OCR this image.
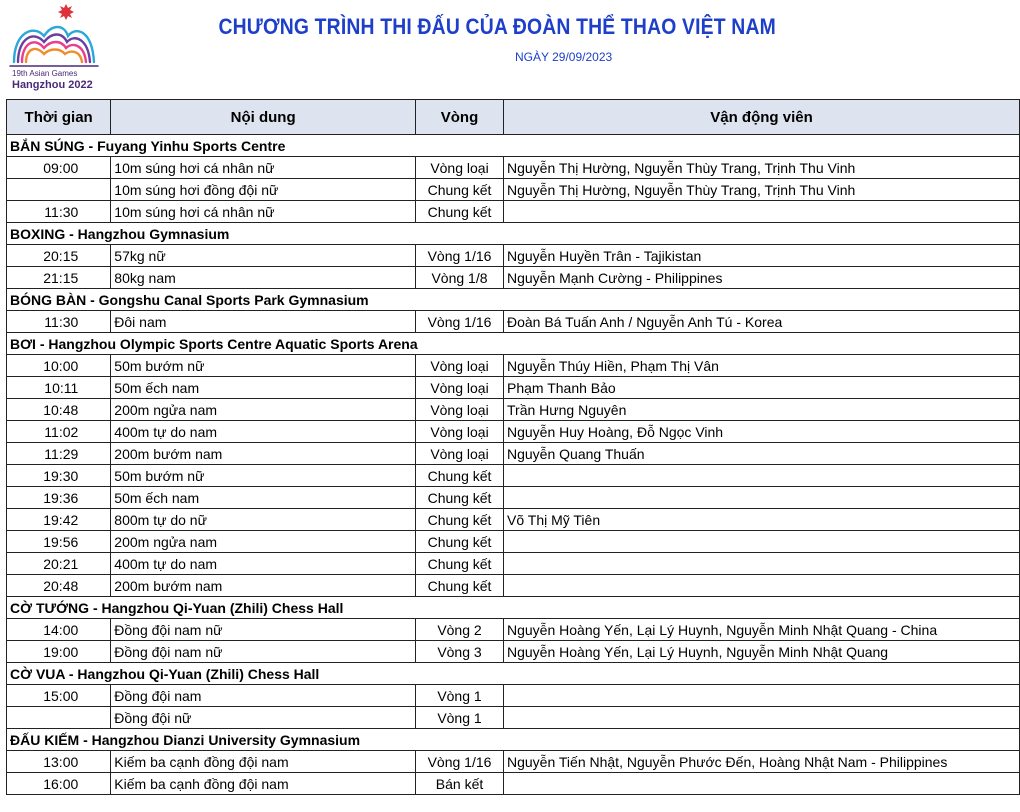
19th Asian Games
Hangzhou 2022
CHƯƠNG TRÌNH THI ĐẤU CỦA ĐOÀN THỂ THAO VIỆT NAM
NGÀY 29/09/2023
Thời gian	Nội dung	Vòng	Vận động viên
BẮN SÚNG - Fuyang Yinhu Sports Centre			
09:00	10m súng hơi cá nhân nữ	Vòng loại	Nguyễn Thị Hường, Nguyễn Thùy Trang, Trịnh Thu Vinh
	10m súng hơi đồng đội nữ	Chung kết	Nguyễn Thị Hường, Nguyễn Thùy Trang, Trịnh Thu Vinh
11:30	10m súng hơi cá nhân nữ	Chung kết	
BOXING - Hangzhou Gymnasium			
20:15	57kg nữ	Vòng 1/16	Nguyễn Huyền Trân - Tajikistan
21:15	80kg nam	Vòng 1/8	Nguyễn Mạnh Cường - Philippines
BÓNG BÀN - Gongshu Canal Sports Park Gymnasium			
11:30	Đôi nam	Vòng 1/16	Đoàn Bá Tuấn Anh / Nguyễn Anh Tú - Korea
BƠI - Hangzhou Olympic Sports Centre Aquatic Sports Arena			
10:00	50m bướm nữ	Vòng loại	Nguyễn Thúy Hiền, Phạm Thị Vân
10:11	50m ếch nam	Vòng loại	Phạm Thanh Bảo
10:48	200m ngửa nam	Vòng loại	Trần Hưng Nguyên
11:02	400m tự do nam	Vòng loại	Nguyễn Huy Hoàng, Đỗ Ngọc Vinh
11:29	200m bướm nam	Vòng loại	Nguyễn Quang Thuấn
19:30	50m bướm nữ	Chung kết	
19:36	50m ếch nam	Chung kết	
19:42	800m tự do nữ	Chung kết	Võ Thị Mỹ Tiên
19:56	200m ngửa nam	Chung kết	
20:21	400m tự do nam	Chung kết	
20:48	200m bướm nam	Chung kết	
CỜ TƯỚNG - Hangzhou Qi-Yuan (Zhili) Chess Hall			
14:00	Đồng đội nam nữ	Vòng 2	Nguyễn Hoàng Yến, Lại Lý Huynh, Nguyễn Minh Nhật Quang - China
19:00	Đồng đội nam nữ	Vòng 3	Nguyễn Hoàng Yến, Lại Lý Huynh, Nguyễn Minh Nhật Quang
CỜ VUA - Hangzhou Qi-Yuan (Zhili) Chess Hall			
15:00	Đồng đội nam	Vòng 1	
	Đồng đội nữ	Vòng 1	
ĐẤU KIẾM - Hangzhou Dianzi University Gymnasium			
13:00	Kiếm ba cạnh đồng đội nam	Vòng 1/16	Nguyễn Tiến Nhật, Nguyễn Phước Đến, Hoàng Nhật Nam - Philippines
16:00	Kiếm ba cạnh đồng đội nam	Bán kết	
